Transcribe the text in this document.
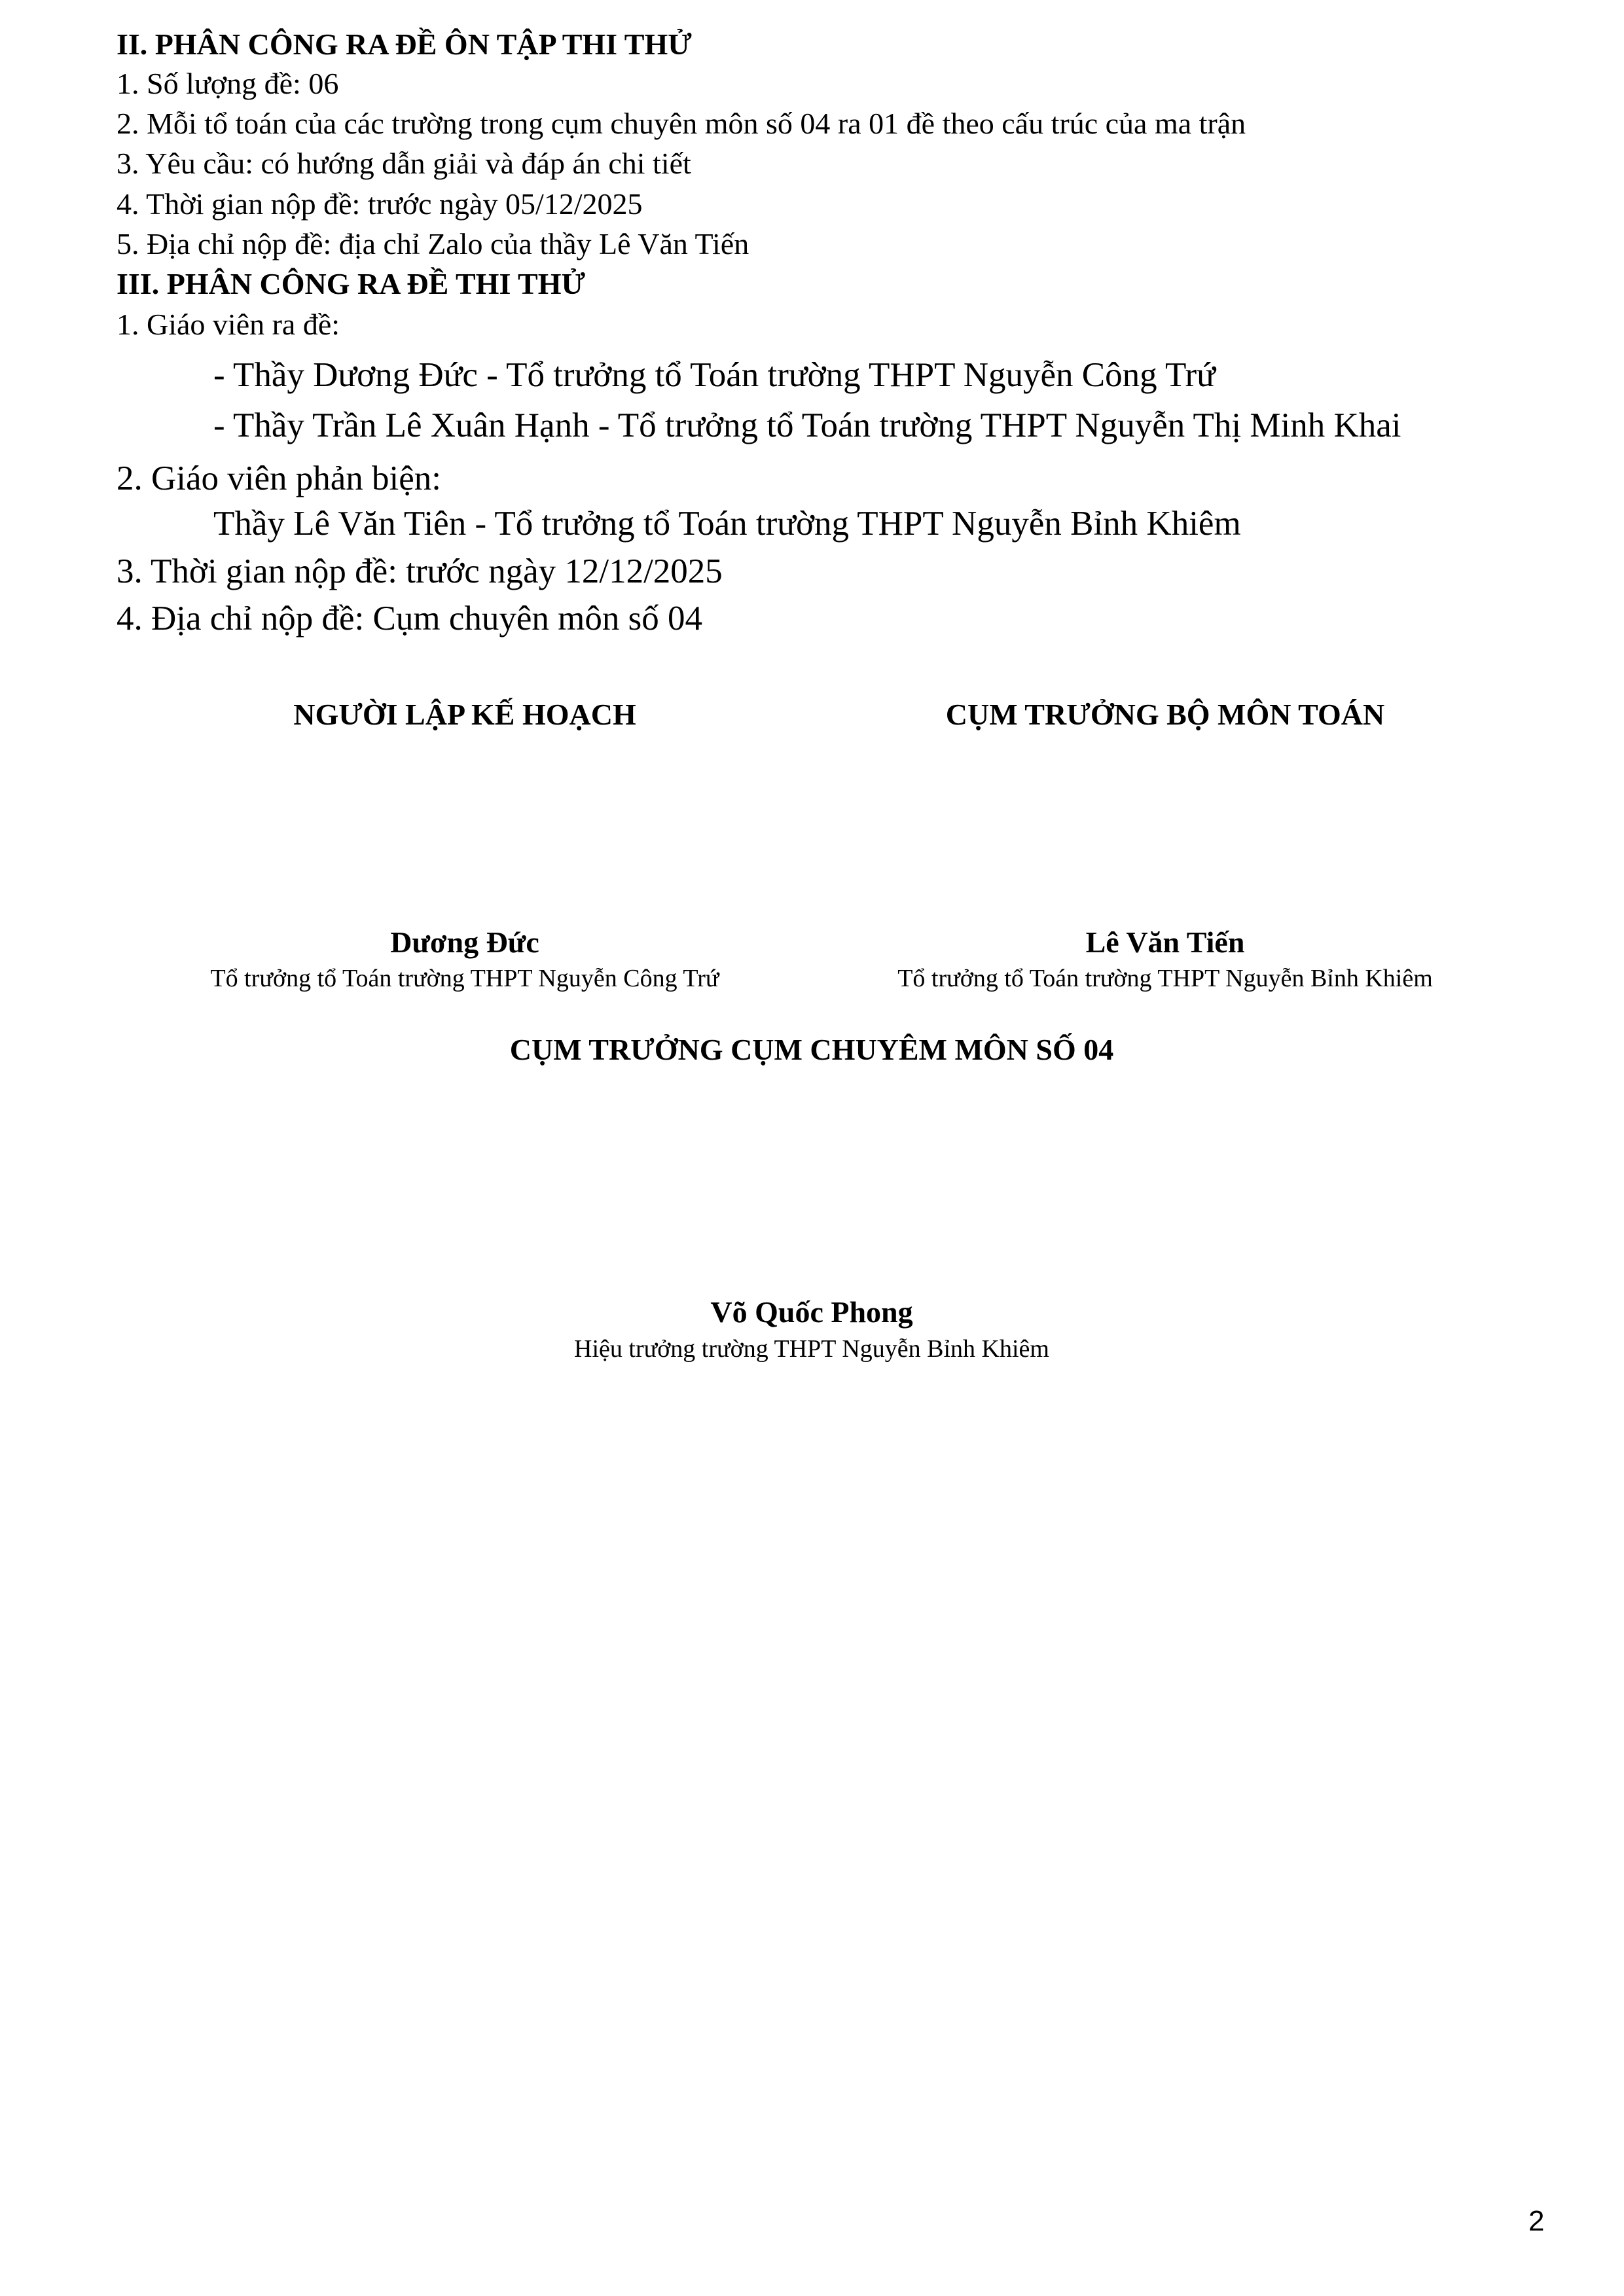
II. PHÂN CÔNG RA ĐỀ ÔN TẬP THI THỬ
1. Số lượng đề: 06
2. Mỗi tổ toán của các trường trong cụm chuyên môn số 04 ra 01 đề theo cấu trúc của ma trận
3. Yêu cầu: có hướng dẫn giải và đáp án chi tiết
4. Thời gian nộp đề: trước ngày 05/12/2025
5. Địa chỉ nộp đề: địa chỉ Zalo của thầy Lê Văn Tiến
III. PHÂN CÔNG RA ĐỀ THI THỬ
1. Giáo viên ra đề:
- Thầy Dương Đức - Tổ trưởng tổ Toán trường THPT Nguyễn Công Trứ
- Thầy Trần Lê Xuân Hạnh - Tổ trưởng tổ Toán trường THPT Nguyễn Thị Minh Khai
2. Giáo viên phản biện:
Thầy Lê Văn Tiên - Tổ trưởng tổ Toán trường THPT Nguyễn Bỉnh Khiêm
3. Thời gian nộp đề: trước ngày 12/12/2025
4. Địa chỉ nộp đề: Cụm chuyên môn số 04
NGƯỜI LẬP KẾ HOẠCH	CỤM TRƯỞNG BỘ MÔN TOÁN
Dương Đức	Lê Văn Tiến
Tổ trưởng tổ Toán trường THPT Nguyễn Công Trứ	Tổ trưởng tổ Toán trường THPT Nguyễn Bỉnh Khiêm
CỤM TRƯỞNG CỤM CHUYÊM MÔN SỐ 04
Võ Quốc Phong
Hiệu trưởng trường THPT Nguyễn Bỉnh Khiêm
2
